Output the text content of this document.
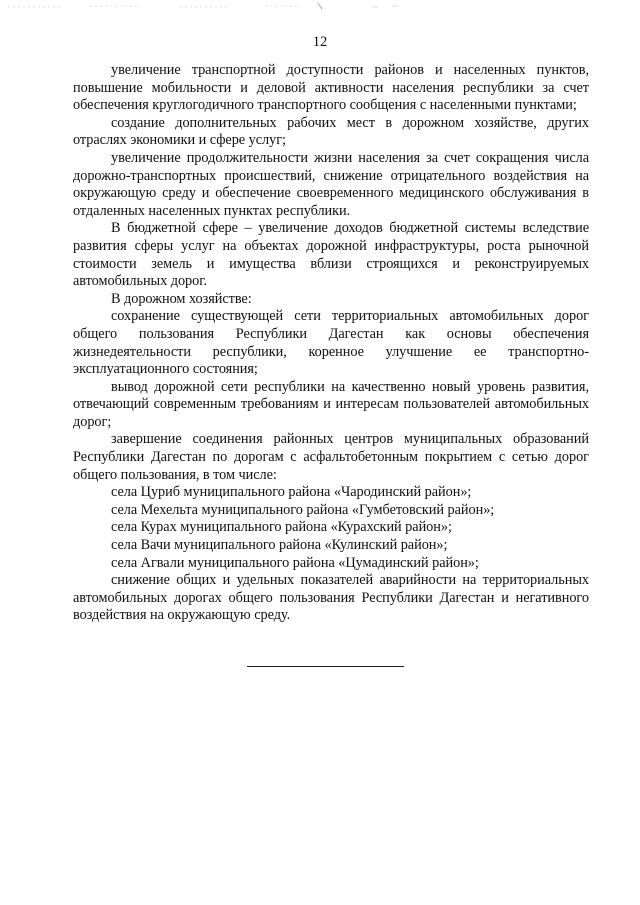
12

увеличение транспортной доступности районов и населенных пунктов, повышение мобильности и деловой активности населения республики за счет обеспечения круглогодичного транспортного сообщения с населенными пунктами;

создание дополнительных рабочих мест в дорожном хозяйстве, других отраслях экономики и сфере услуг;

увеличение продолжительности жизни населения за счет сокращения числа дорожно-транспортных происшествий, снижение отрицательного воздействия на окружающую среду и обеспечение своевременного медицинского обслуживания в отдаленных населенных пунктах республики.

В бюджетной сфере – увеличение доходов бюджетной системы вследствие развития сферы услуг на объектах дорожной инфраструктуры, роста рыночной стоимости земель и имущества вблизи строящихся и реконструируемых автомобильных дорог.

В дорожном хозяйстве:

сохранение существующей сети территориальных автомобильных дорог общего пользования Республики Дагестан как основы обеспечения жизнедеятельности республики, коренное улучшение ее транспортно-эксплуатационного состояния;

вывод дорожной сети республики на качественно новый уровень развития, отвечающий современным требованиям и интересам пользователей автомобильных дорог;

завершение соединения районных центров муниципальных образований Республики Дагестан по дорогам с асфальтобетонным покрытием с сетью дорог общего пользования, в том числе:

села Цуриб муниципального района «Чародинский район»;

села Мехельта муниципального района «Гумбетовский район»;

села Курах муниципального района «Курахский район»;

села Вачи муниципального района «Кулинский район»;

села Агвали муниципального района «Цумадинский район»;

снижение общих и удельных показателей аварийности на территориальных автомобильных дорогах общего пользования Республики Дагестан и негативного воздействия на окружающую среду.
